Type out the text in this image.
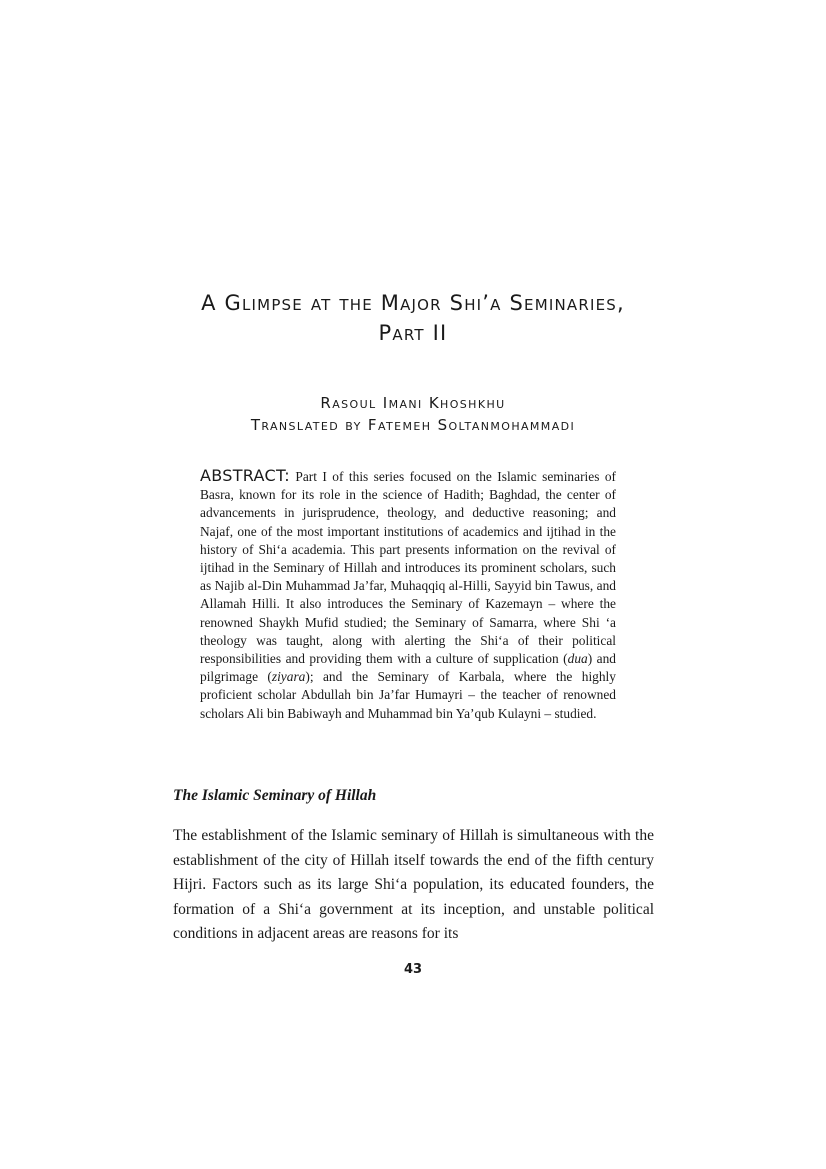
A Glimpse at the Major Shi’a Seminaries,
Part II
Rasoul Imani Khoshkhu
Translated by Fatemeh Soltanmohammadi

ABSTRACT: Part I of this series focused on the Islamic seminaries of Basra, known for its role in the science of Hadith; Baghdad, the center of advancements in jurisprudence, theology, and deductive reasoning; and Najaf, one of the most important institutions of academics and ijtihad in the history of Shi‘a academia. This part presents information on the revival of ijtihad in the Seminary of Hillah and introduces its prominent scholars, such as Najib al-Din Muhammad Ja’far, Muhaqqiq al-Hilli, Sayyid bin Tawus, and Allamah Hilli. It also introduces the Seminary of Kazemayn – where the renowned Shaykh Mufid studied; the Seminary of Samarra, where Shi ‘a theology was taught, along with alerting the Shi‘a of their political responsibilities and providing them with a culture of supplication (dua) and pilgrimage (ziyara); and the Seminary of Karbala, where the highly proficient scholar Abdullah bin Ja’far Humayri – the teacher of renowned scholars Ali bin Babiwayh and Muhammad bin Ya’qub Kulayni – studied.

The Islamic Seminary of Hillah

The establishment of the Islamic seminary of Hillah is simultaneous with the establishment of the city of Hillah itself towards the end of the fifth century Hijri. Factors such as its large Shi‘a population, its educated founders, the formation of a Shi‘a government at its inception, and unstable political conditions in adjacent areas are reasons for its

43
